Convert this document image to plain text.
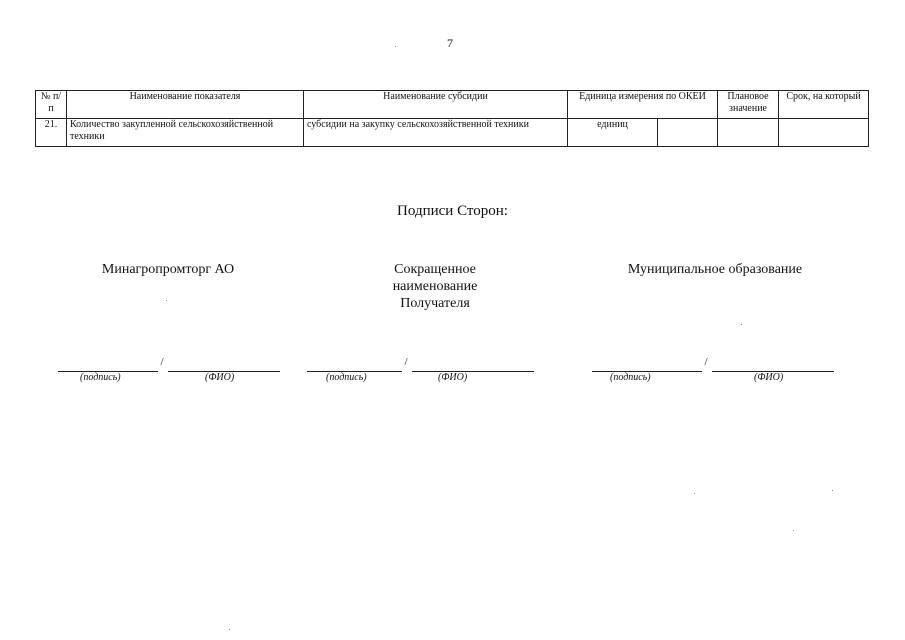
7
№ п/п	Наименование показателя	Наименование субсидии	Единица измерения по ОКЕИ		Плановое значение	Срок, на который
21.	Количество закупленной сельскохозяйственной техники	субсидии на закупку сельскохозяйственной техники	единиц			
Подписи Сторон:
Минагропромторг АО
/
(подпись)	(ФИО)
Сокращенное наименование Получателя
/
(подпись)	(ФИО)
Муниципальное образование
/
(подпись)	(ФИО)
